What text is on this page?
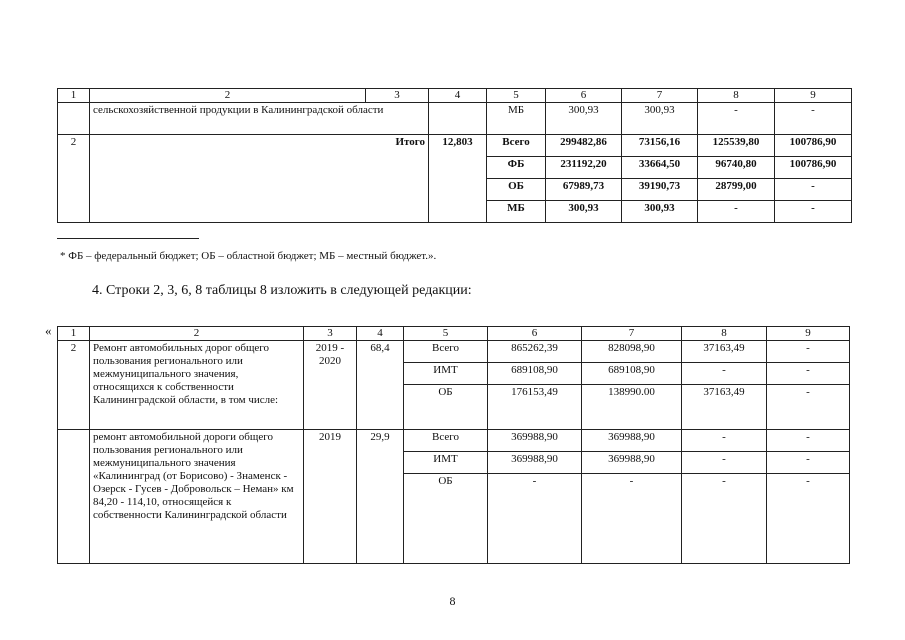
1	2	3	4	5	6	7	8	9
	сельскохозяйственной продукции в Калининградской области			МБ	300,93	300,93	-	-
2	Итого		12,803	Всего	299482,86	73156,16	125539,80	100786,90
				ФБ	231192,20	33664,50	96740,80	100786,90
				ОБ	67989,73	39190,73	28799,00	-
				МБ	300,93	300,93	-	-
* ФБ – федеральный бюджет; ОБ – областной бюджет; МБ – местный бюджет.».
4. Строки 2, 3, 6, 8 таблицы 8 изложить в следующей редакции:
« 1	2	3	4	5	6	7	8	9
2	Ремонт автомобильных дорог общего пользования регионального или межмуниципального значения, относящихся к собственности Калининградской области, в том числе:	2019 - 2020	68,4	Всего	865262,39	828098,90	37163,49	-
				ИМТ	689108,90	689108,90	-	-
				ОБ	176153,49	138990.00	37163,49	-
	ремонт автомобильной дороги общего пользования регионального или межмуниципального значения «Калининград (от Борисово) - Знаменск - Озерск - Гусев - Добровольск – Неман» км 84,20 - 114,10, относящейся к собственности Калининградской области	2019	29,9	Всего	369988,90	369988,90	-	-
				ИМТ	369988,90	369988,90	-	-
				ОБ	-	-	-	-
8
